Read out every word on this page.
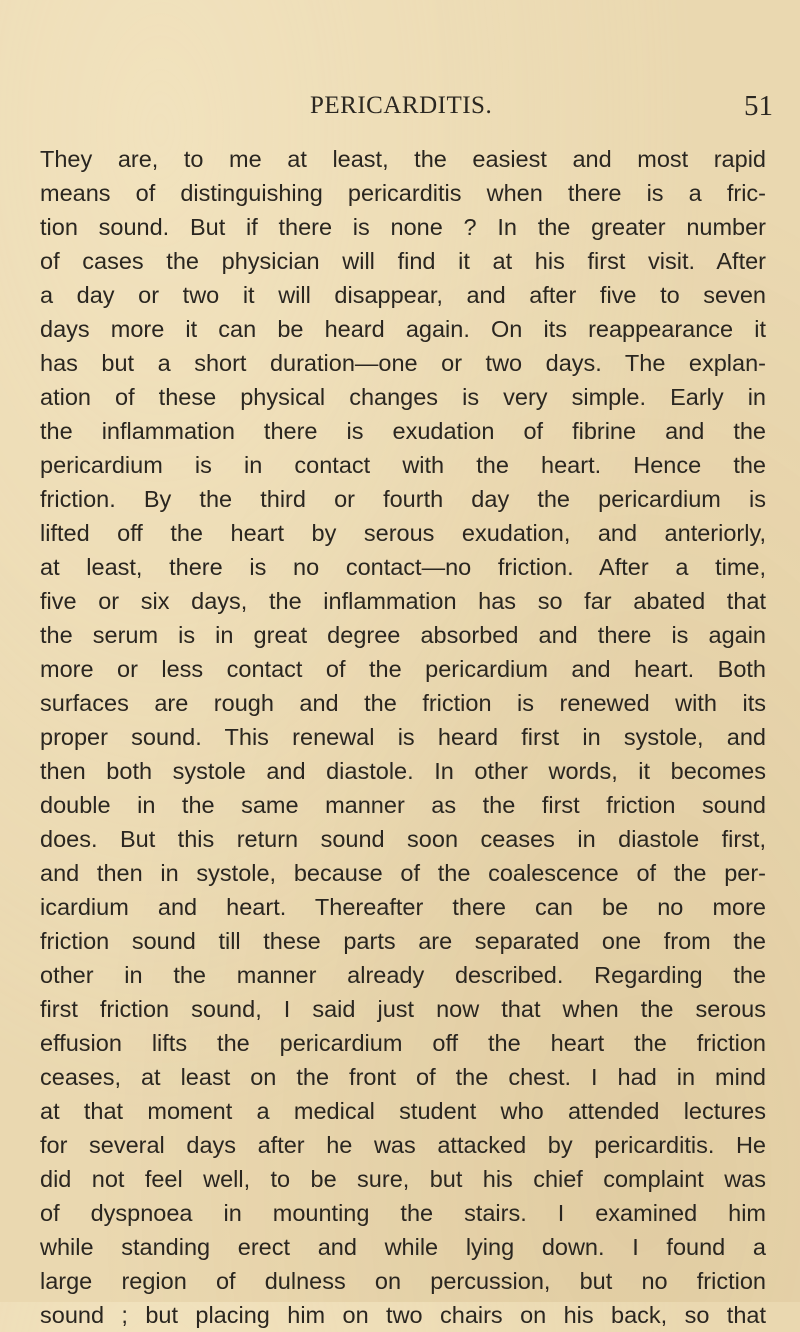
PERICARDITIS.	51
They are, to me at least, the easiest and most rapid
means of distinguishing pericarditis when there is a fric-
tion sound. But if there is none ? In the greater number
of cases the physician will find it at his first visit. After
a day or two it will disappear, and after five to seven
days more it can be heard again. On its reappearance it
has but a short duration—one or two days. The explan-
ation of these physical changes is very simple. Early in
the inflammation there is exudation of fibrine and the
pericardium is in contact with the heart. Hence the
friction. By the third or fourth day the pericardium is
lifted off the heart by serous exudation, and anteriorly,
at least, there is no contact—no friction. After a time,
five or six days, the inflammation has so far abated that
the serum is in great degree absorbed and there is again
more or less contact of the pericardium and heart. Both
surfaces are rough and the friction is renewed with its
proper sound. This renewal is heard first in systole, and
then both systole and diastole. In other words, it becomes
double in the same manner as the first friction sound
does. But this return sound soon ceases in diastole first,
and then in systole, because of the coalescence of the per-
icardium and heart. Thereafter there can be no more
friction sound till these parts are separated one from the
other in the manner already described. Regarding the
first friction sound, I said just now that when the serous
effusion lifts the pericardium off the heart the friction
ceases, at least on the front of the chest. I had in mind
at that moment a medical student who attended lectures
for several days after he was attacked by pericarditis. He
did not feel well, to be sure, but his chief complaint was
of dyspnoea in mounting the stairs. I examined him
while standing erect and while lying down. I found a
large region of dulness on percussion, but no friction
sound ; but placing him on two chairs on his back, so that
